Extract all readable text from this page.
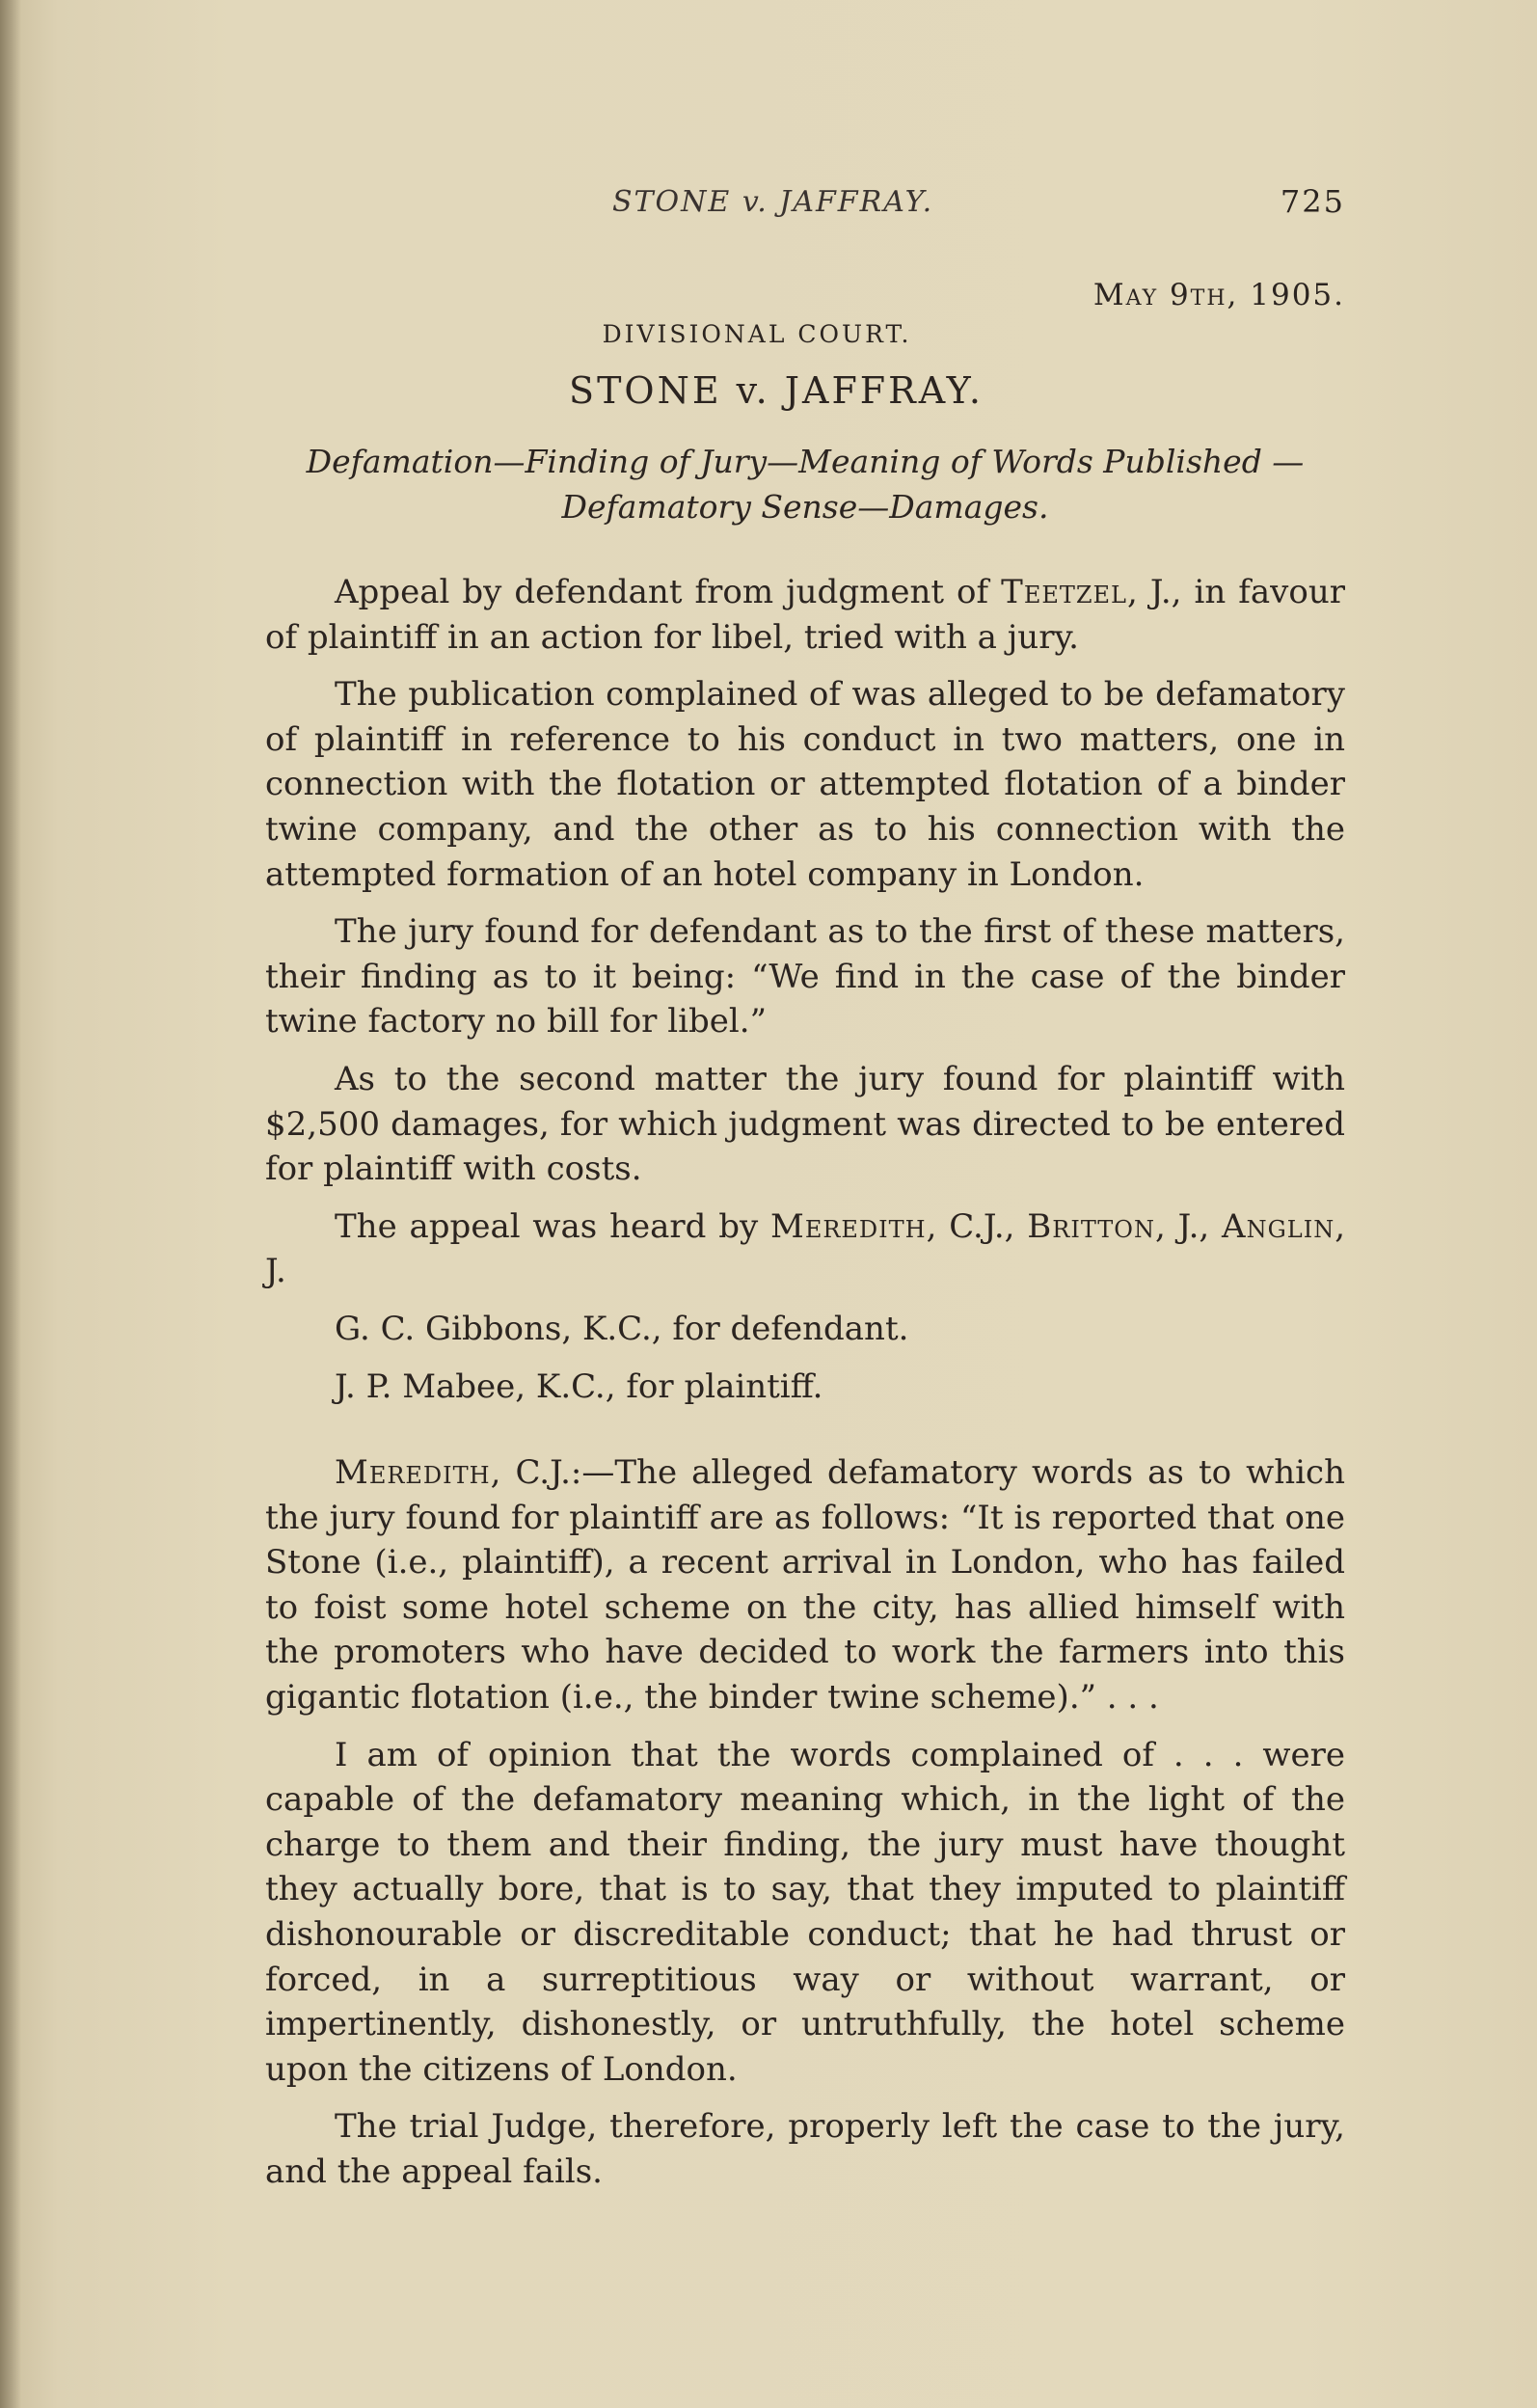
STONE v. JAFFRAY.	725
May 9th, 1905.
DIVISIONAL COURT.
STONE v. JAFFRAY.
Defamation—Finding of Jury—Meaning of Words Published —Defamatory Sense—Damages.

Appeal by defendant from judgment of Teetzel, J., in favour of plaintiff in an action for libel, tried with a jury.

The publication complained of was alleged to be defamatory of plaintiff in reference to his conduct in two matters, one in connection with the flotation or attempted flotation of a binder twine company, and the other as to his connection with the attempted formation of an hotel company in London.

The jury found for defendant as to the first of these matters, their finding as to it being: “We find in the case of the binder twine factory no bill for libel.”

As to the second matter the jury found for plaintiff with $2,500 damages, for which judgment was directed to be entered for plaintiff with costs.

The appeal was heard by Meredith, C.J., Britton, J., Anglin, J.

G. C. Gibbons, K.C., for defendant.

J. P. Mabee, K.C., for plaintiff.

Meredith, C.J.:—The alleged defamatory words as to which the jury found for plaintiff are as follows: “It is reported that one Stone (i.e., plaintiff), a recent arrival in London, who has failed to foist some hotel scheme on the city, has allied himself with the promoters who have decided to work the farmers into this gigantic flotation (i.e., the binder twine scheme).” . . .

I am of opinion that the words complained of . . . were capable of the defamatory meaning which, in the light of the charge to them and their finding, the jury must have thought they actually bore, that is to say, that they imputed to plaintiff dishonourable or discreditable conduct; that he had thrust or forced, in a surreptitious way or without warrant, or impertinently, dishonestly, or untruthfully, the hotel scheme upon the citizens of London.

The trial Judge, therefore, properly left the case to the jury, and the appeal fails.
